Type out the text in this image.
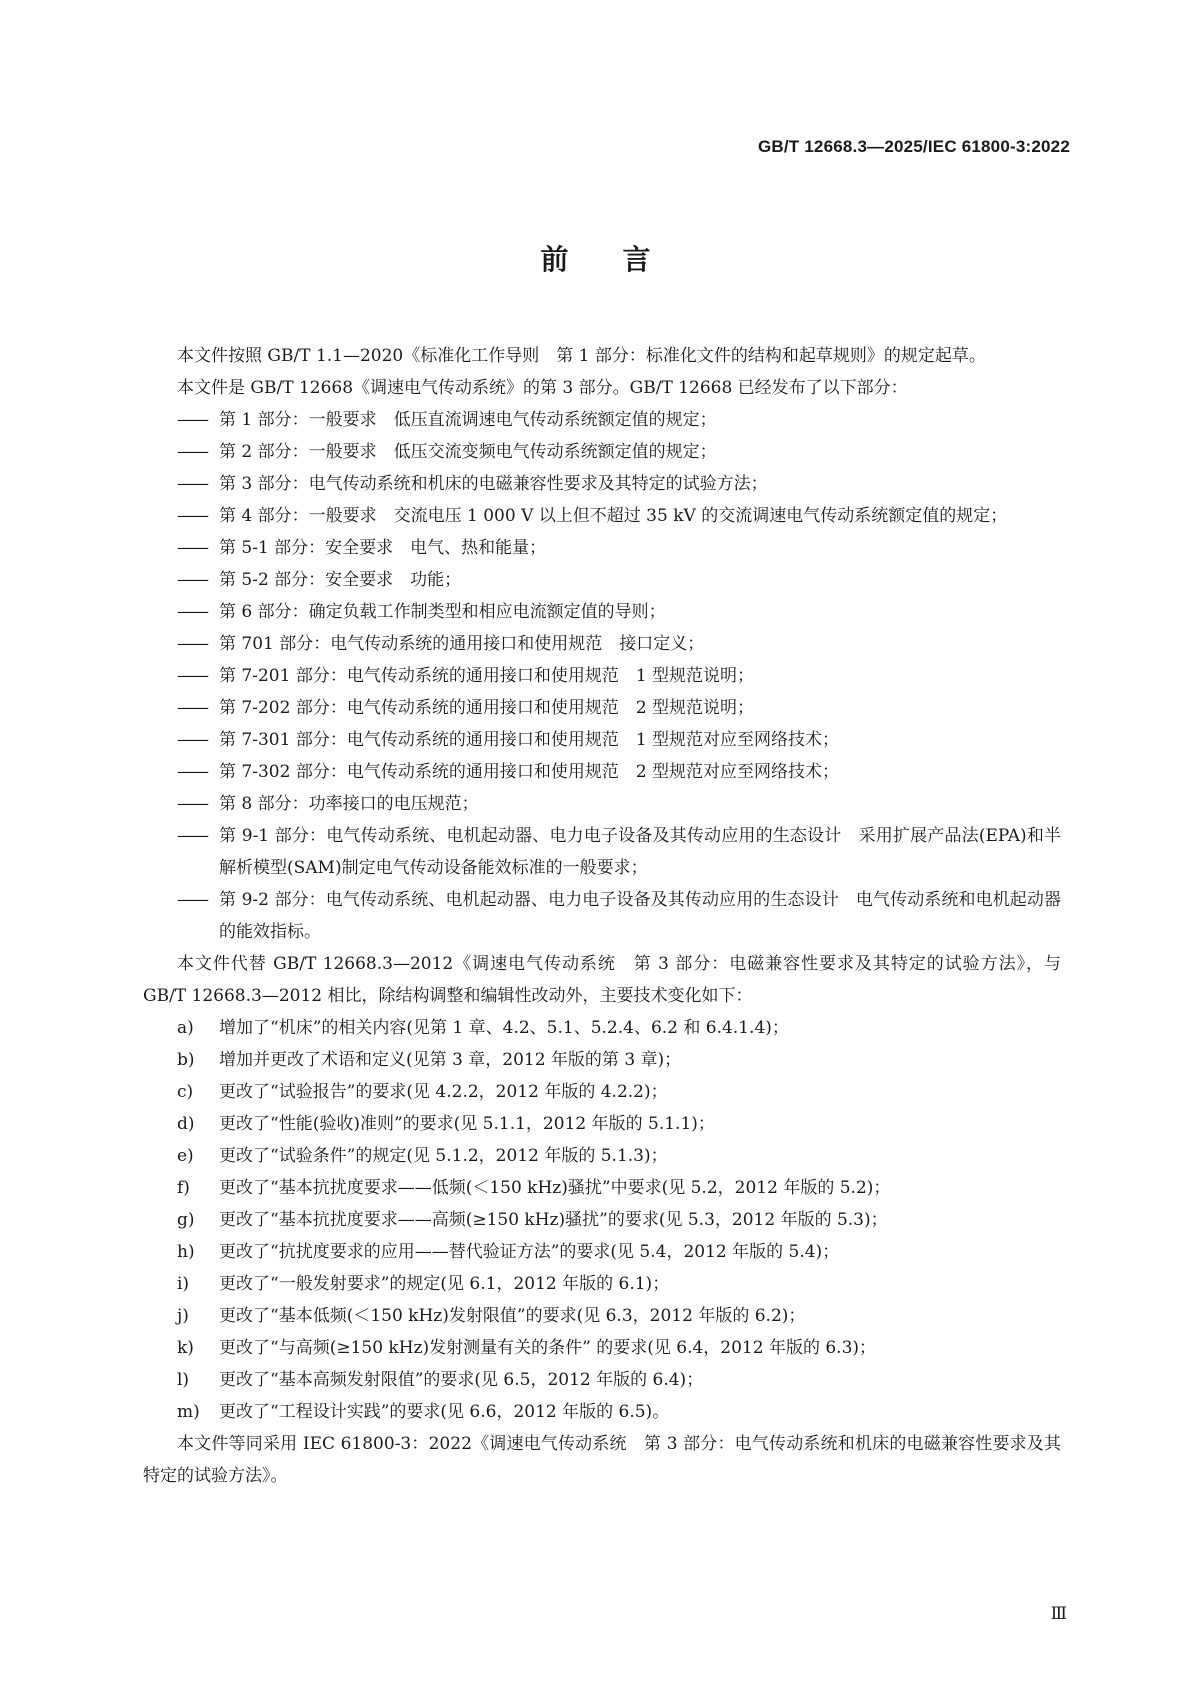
GB/T 12668.3—2025/IEC 61800-3:2022
前言

本文件按照 GB/T 1.1—2020《标准化工作导则　第 1 部分：标准化文件的结构和起草规则》的规定起草。

本文件是 GB/T 12668《调速电气传动系统》的第 3 部分。GB/T 12668 已经发布了以下部分：

—— 第 1 部分：一般要求　低压直流调速电气传动系统额定值的规定；
—— 第 2 部分：一般要求　低压交流变频电气传动系统额定值的规定；
—— 第 3 部分：电气传动系统和机床的电磁兼容性要求及其特定的试验方法；
—— 第 4 部分：一般要求　交流电压 1 000 V 以上但不超过 35 kV 的交流调速电气传动系统额定值的规定；
—— 第 5-1 部分：安全要求　电气、热和能量；
—— 第 5-2 部分：安全要求　功能；
—— 第 6 部分：确定负载工作制类型和相应电流额定值的导则；
—— 第 701 部分：电气传动系统的通用接口和使用规范　接口定义；
—— 第 7-201 部分：电气传动系统的通用接口和使用规范　1 型规范说明；
—— 第 7-202 部分：电气传动系统的通用接口和使用规范　2 型规范说明；
—— 第 7-301 部分：电气传动系统的通用接口和使用规范　1 型规范对应至网络技术；
—— 第 7-302 部分：电气传动系统的通用接口和使用规范　2 型规范对应至网络技术；
—— 第 8 部分：功率接口的电压规范；
—— 第 9-1 部分：电气传动系统、电机起动器、电力电子设备及其传动应用的生态设计　采用扩展产品法(EPA)和半解析模型(SAM)制定电气传动设备能效标准的一般要求；
—— 第 9-2 部分：电气传动系统、电机起动器、电力电子设备及其传动应用的生态设计　电气传动系统和电机起动器的能效指标。

本文件代替 GB/T 12668.3—2012《调速电气传动系统　第 3 部分：电磁兼容性要求及其特定的试验方法》，与 GB/T 12668.3—2012 相比，除结构调整和编辑性改动外，主要技术变化如下：

a)	增加了“机床”的相关内容(见第 1 章、4.2、5.1、5.2.4、6.2 和 6.4.1.4)；
b)	增加并更改了术语和定义(见第 3 章，2012 年版的第 3 章)；
c)	更改了“试验报告”的要求(见 4.2.2，2012 年版的 4.2.2)；
d)	更改了“性能(验收)准则”的要求(见 5.1.1，2012 年版的 5.1.1)；
e)	更改了“试验条件”的规定(见 5.1.2，2012 年版的 5.1.3)；
f)	更改了“基本抗扰度要求——低频(＜150 kHz)骚扰”中要求(见 5.2，2012 年版的 5.2)；
g)	更改了“基本抗扰度要求——高频(≥150 kHz)骚扰”的要求(见 5.3，2012 年版的 5.3)；
h)	更改了“抗扰度要求的应用——替代验证方法”的要求(见 5.4，2012 年版的 5.4)；
i)	更改了“一般发射要求”的规定(见 6.1，2012 年版的 6.1)；
j)	更改了“基本低频(＜150 kHz)发射限值”的要求(见 6.3，2012 年版的 6.2)；
k)	更改了“与高频(≥150 kHz)发射测量有关的条件” 的要求(见 6.4，2012 年版的 6.3)；
l)	更改了“基本高频发射限值”的要求(见 6.5，2012 年版的 6.4)；
m)	更改了“工程设计实践”的要求(见 6.6，2012 年版的 6.5)。

本文件等同采用 IEC 61800-3：2022《调速电气传动系统　第 3 部分：电气传动系统和机床的电磁兼容性要求及其特定的试验方法》。

Ⅲ
